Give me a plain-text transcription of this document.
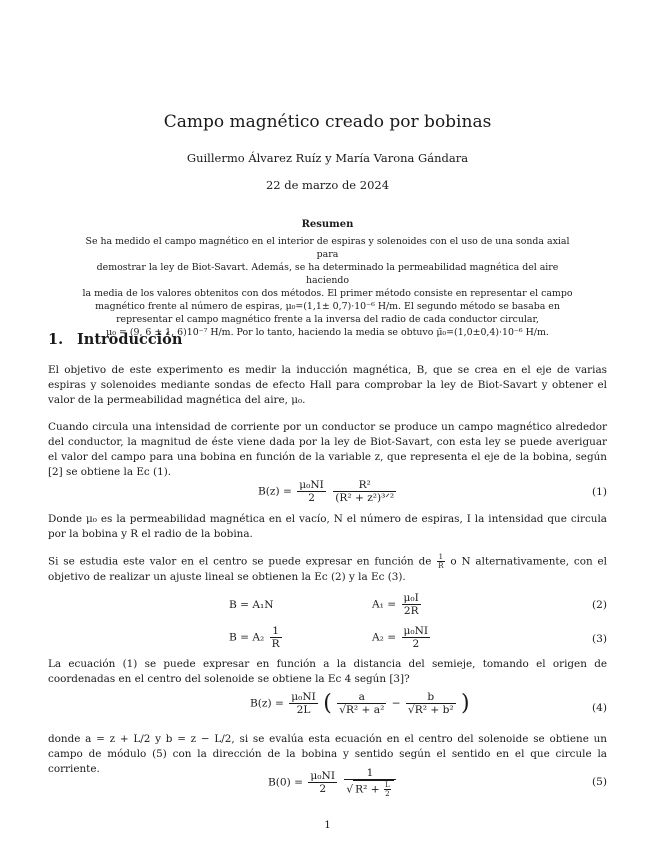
Campo magnético creado por bobinas
Guillermo Álvarez Ruíz y María Varona Gándara
22 de marzo de 2024
Resumen
Se ha medido el campo magnético en el interior de espiras y solenoides con el uso de una sonda axial para
demostrar la ley de Biot-Savart. Además, se ha determinado la permeabilidad magnética del aire haciendo
la media de los valores obtenitos con dos métodos. El primer método consiste en representar el campo
magnético frente al número de espiras, μ₀=(1,1± 0,7)·10⁻⁶ H/m. El segundo método se basaba en
representar el campo magnético frente a la inversa del radio de cada conductor circular,
μ₀ = (9, 6 ± 1, 6)10⁻⁷ H/m. Por lo tanto, haciendo la media se obtuvo μ̄₀=(1,0±0,4)·10⁻⁶ H/m.
1. Introducción
El objetivo de este experimento es medir la inducción magnética, B, que se crea en el eje de varias espiras y solenoides mediante sondas de efecto Hall para comprobar la ley de Biot-Savart y obtener el valor de la permeabilidad magnética del aire, μ₀.
Cuando circula una intensidad de corriente por un conductor se produce un campo magnético alrededor del conductor, la magnitud de éste viene dada por la ley de Biot-Savart, con esta ley se puede averiguar el valor del campo para una bobina en función de la variable z, que representa el eje de la bobina, según [2] se obtiene la Ec (1).
$B(z) = \frac{\text{μ₀NI}}{2}$
$\frac{\text{R²}}{\text{(R² + z²)³ᐟ²}}$	(1)
Donde μ₀ es la permeabilidad magnética en el vacío, N el número de espiras, I la intensidad que circula por la bobina y R el radio de la bobina.
Si se estudia este valor en el centro se puede expresar en función de $\frac{1}{R}$ o N alternativamente, con el objetivo de realizar un ajuste lineal se obtienen la Ec (2) y la Ec (3).
B = A₁N	$A_1 = \frac{\text{μ₀I}}{2R}$	(2)
$B = A_2 \frac{1}{R}$	$A_2 = \frac{\text{μ₀NI}}{2}$	(3)
La ecuación (1) se puede expresar en función a la distancia del semieje, tomando el origen de coordenadas en el centro del solenoide se obtiene la Ec 4 según [3]?
$B(z) = \frac{\text{μ₀NI}}{2L}$ ( $\frac{a}{\text{√R² + a²}} - \frac{b}{\text{√R² + b²}}$ )	(4)
donde a = z + L/2 y b = z − L/2, si se evalúa esta ecuación en el centro del solenoide se obtiene un campo de módulo (5) con la dirección de la bobina y sentido según el sentido en el que circule la corriente.
$B(0) = \frac{\text{μ₀NI}}{2}$
$\frac{1}{√ R^2 + \frac{L}{2}}$	(5)
1
